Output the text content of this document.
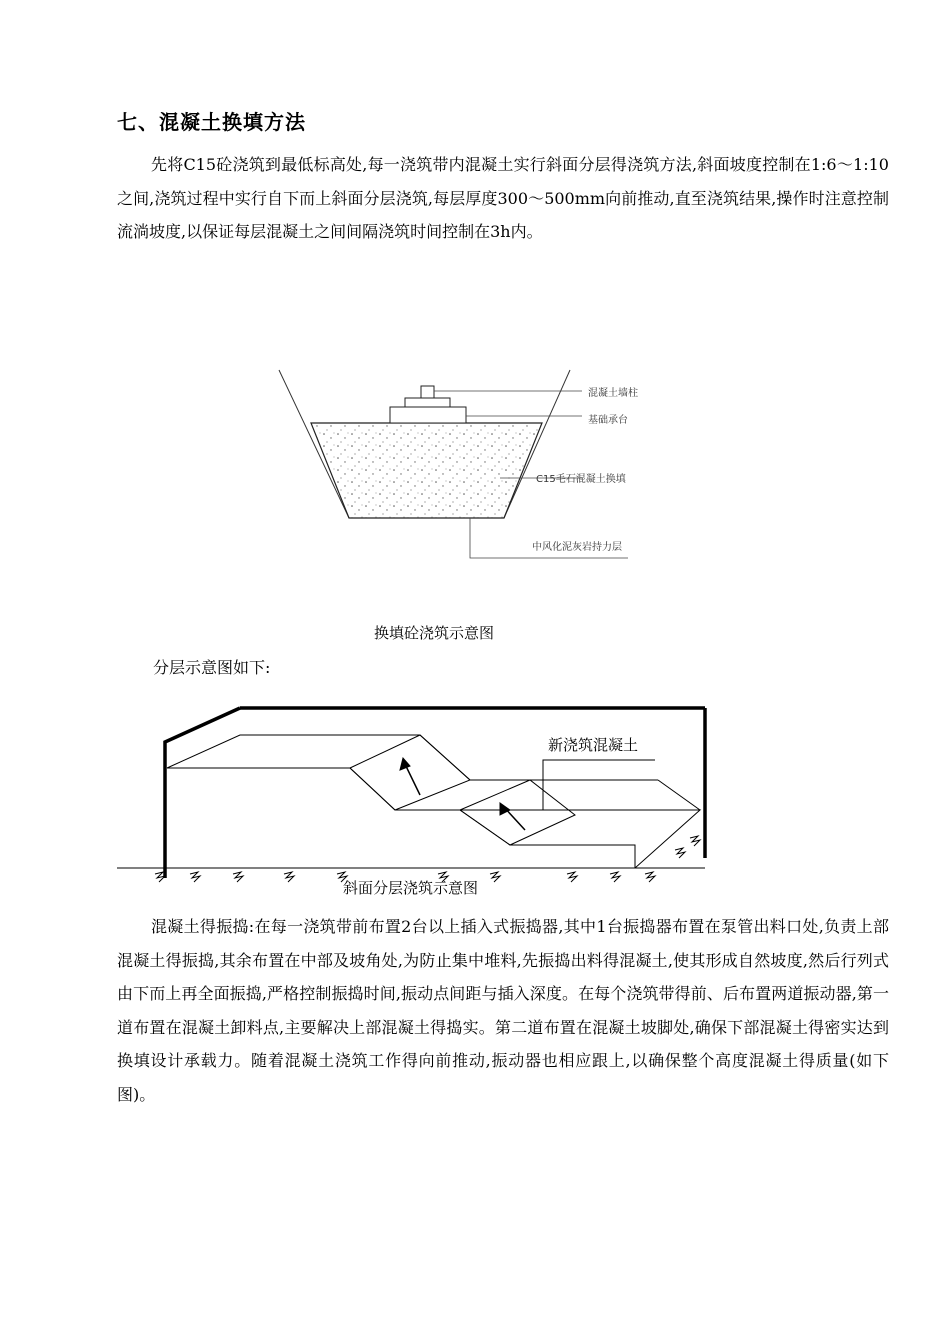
七、混凝土换填方法

先将C15砼浇筑到最低标高处,每一浇筑带内混凝土实行斜面分层得浇筑方法,斜面坡度控制在1:6～1:10之间,浇筑过程中实行自下而上斜面分层浇筑,每层厚度300～500mm向前推动,直至浇筑结果,操作时注意控制流淌坡度,以保证每层混凝土之间间隔浇筑时间控制在3h内。

混凝土墙柱
基础承台
C15毛石混凝土换填
中风化泥灰岩持力层
新浇筑混凝土
斜面分层浇筑示意图
换填砼浇筑示意图
分层示意图如下:

混凝土得振捣:在每一浇筑带前布置2台以上插入式振捣器,其中1台振捣器布置在泵管出料口处,负责上部混凝土得振捣,其余布置在中部及坡角处,为防止集中堆料,先振捣出料得混凝土,使其形成自然坡度,然后行列式由下而上再全面振捣,严格控制振捣时间,振动点间距与插入深度。在每个浇筑带得前、后布置两道振动器,第一道布置在混凝土卸料点,主要解决上部混凝土得捣实。第二道布置在混凝土坡脚处,确保下部混凝土得密实达到换填设计承载力。随着混凝土浇筑工作得向前推动,振动器也相应跟上,以确保整个高度混凝土得质量(如下图)。
